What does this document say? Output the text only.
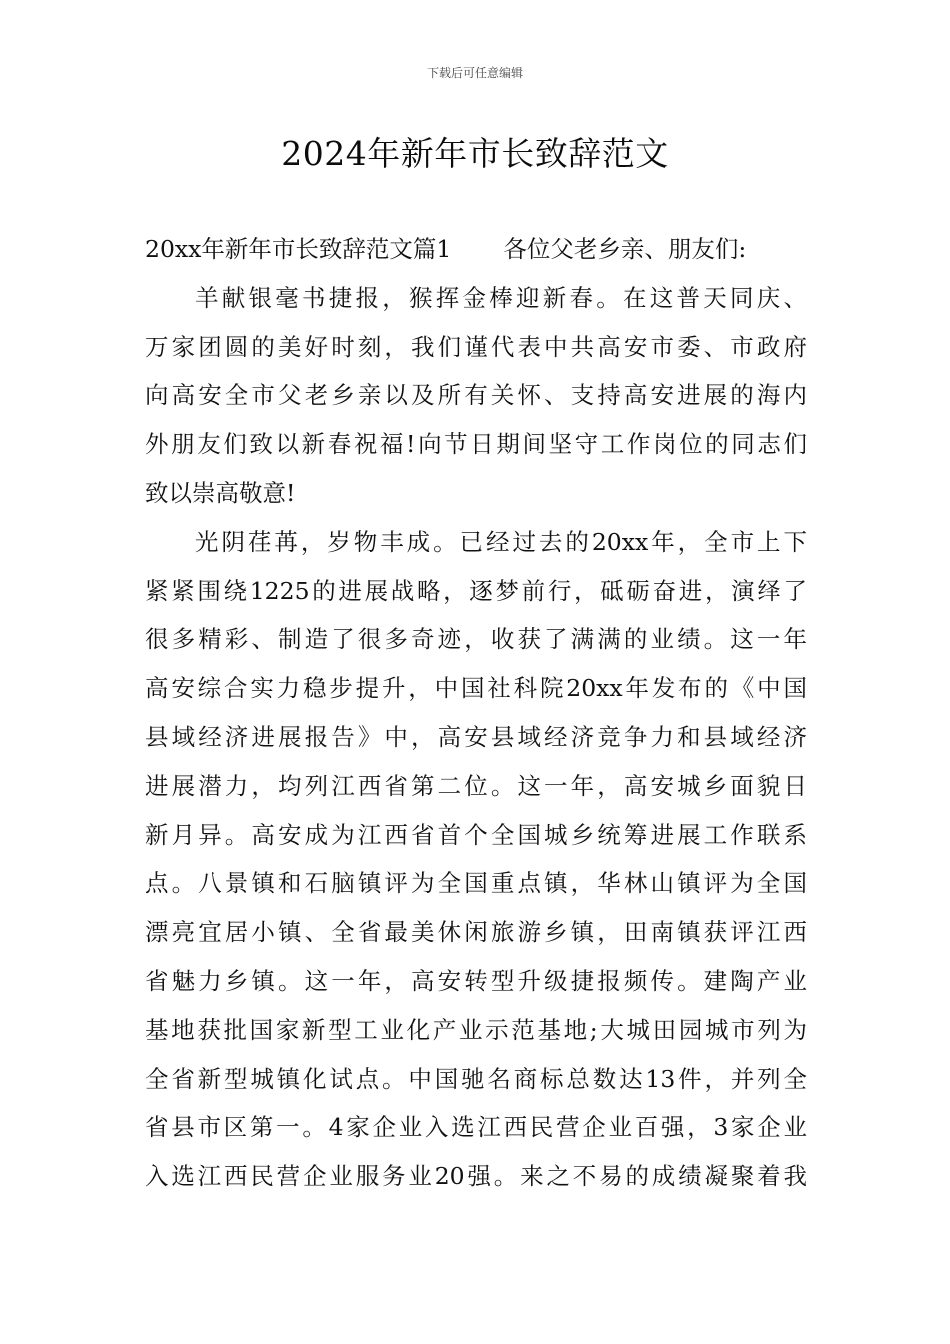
下载后可任意编辑
2024年新年市长致辞范文
20xx年新年市长致辞范文篇1 各位父老乡亲、朋友们:
羊献银毫书捷报，猴挥金棒迎新春。在这普天同庆、
万家团圆的美好时刻，我们谨代表中共高安市委、市政府
向高安全市父老乡亲以及所有关怀、支持高安进展的海内
外朋友们致以新春祝福!向节日期间坚守工作岗位的同志们
致以崇高敬意!
光阴荏苒，岁物丰成。已经过去的20xx年，全市上下
紧紧围绕1225的进展战略，逐梦前行，砥砺奋进，演绎了
很多精彩、制造了很多奇迹，收获了满满的业绩。这一年
高安综合实力稳步提升，中国社科院20xx年发布的《中国
县域经济进展报告》中，高安县域经济竞争力和县域经济
进展潜力，均列江西省第二位。这一年，高安城乡面貌日
新月异。高安成为江西省首个全国城乡统筹进展工作联系
点。八景镇和石脑镇评为全国重点镇，华林山镇评为全国
漂亮宜居小镇、全省最美休闲旅游乡镇，田南镇获评江西
省魅力乡镇。这一年，高安转型升级捷报频传。建陶产业
基地获批国家新型工业化产业示范基地;大城田园城市列为
全省新型城镇化试点。中国驰名商标总数达13件，并列全
省县市区第一。4家企业入选江西民营企业百强，3家企业
入选江西民营企业服务业20强。来之不易的成绩凝聚着我
